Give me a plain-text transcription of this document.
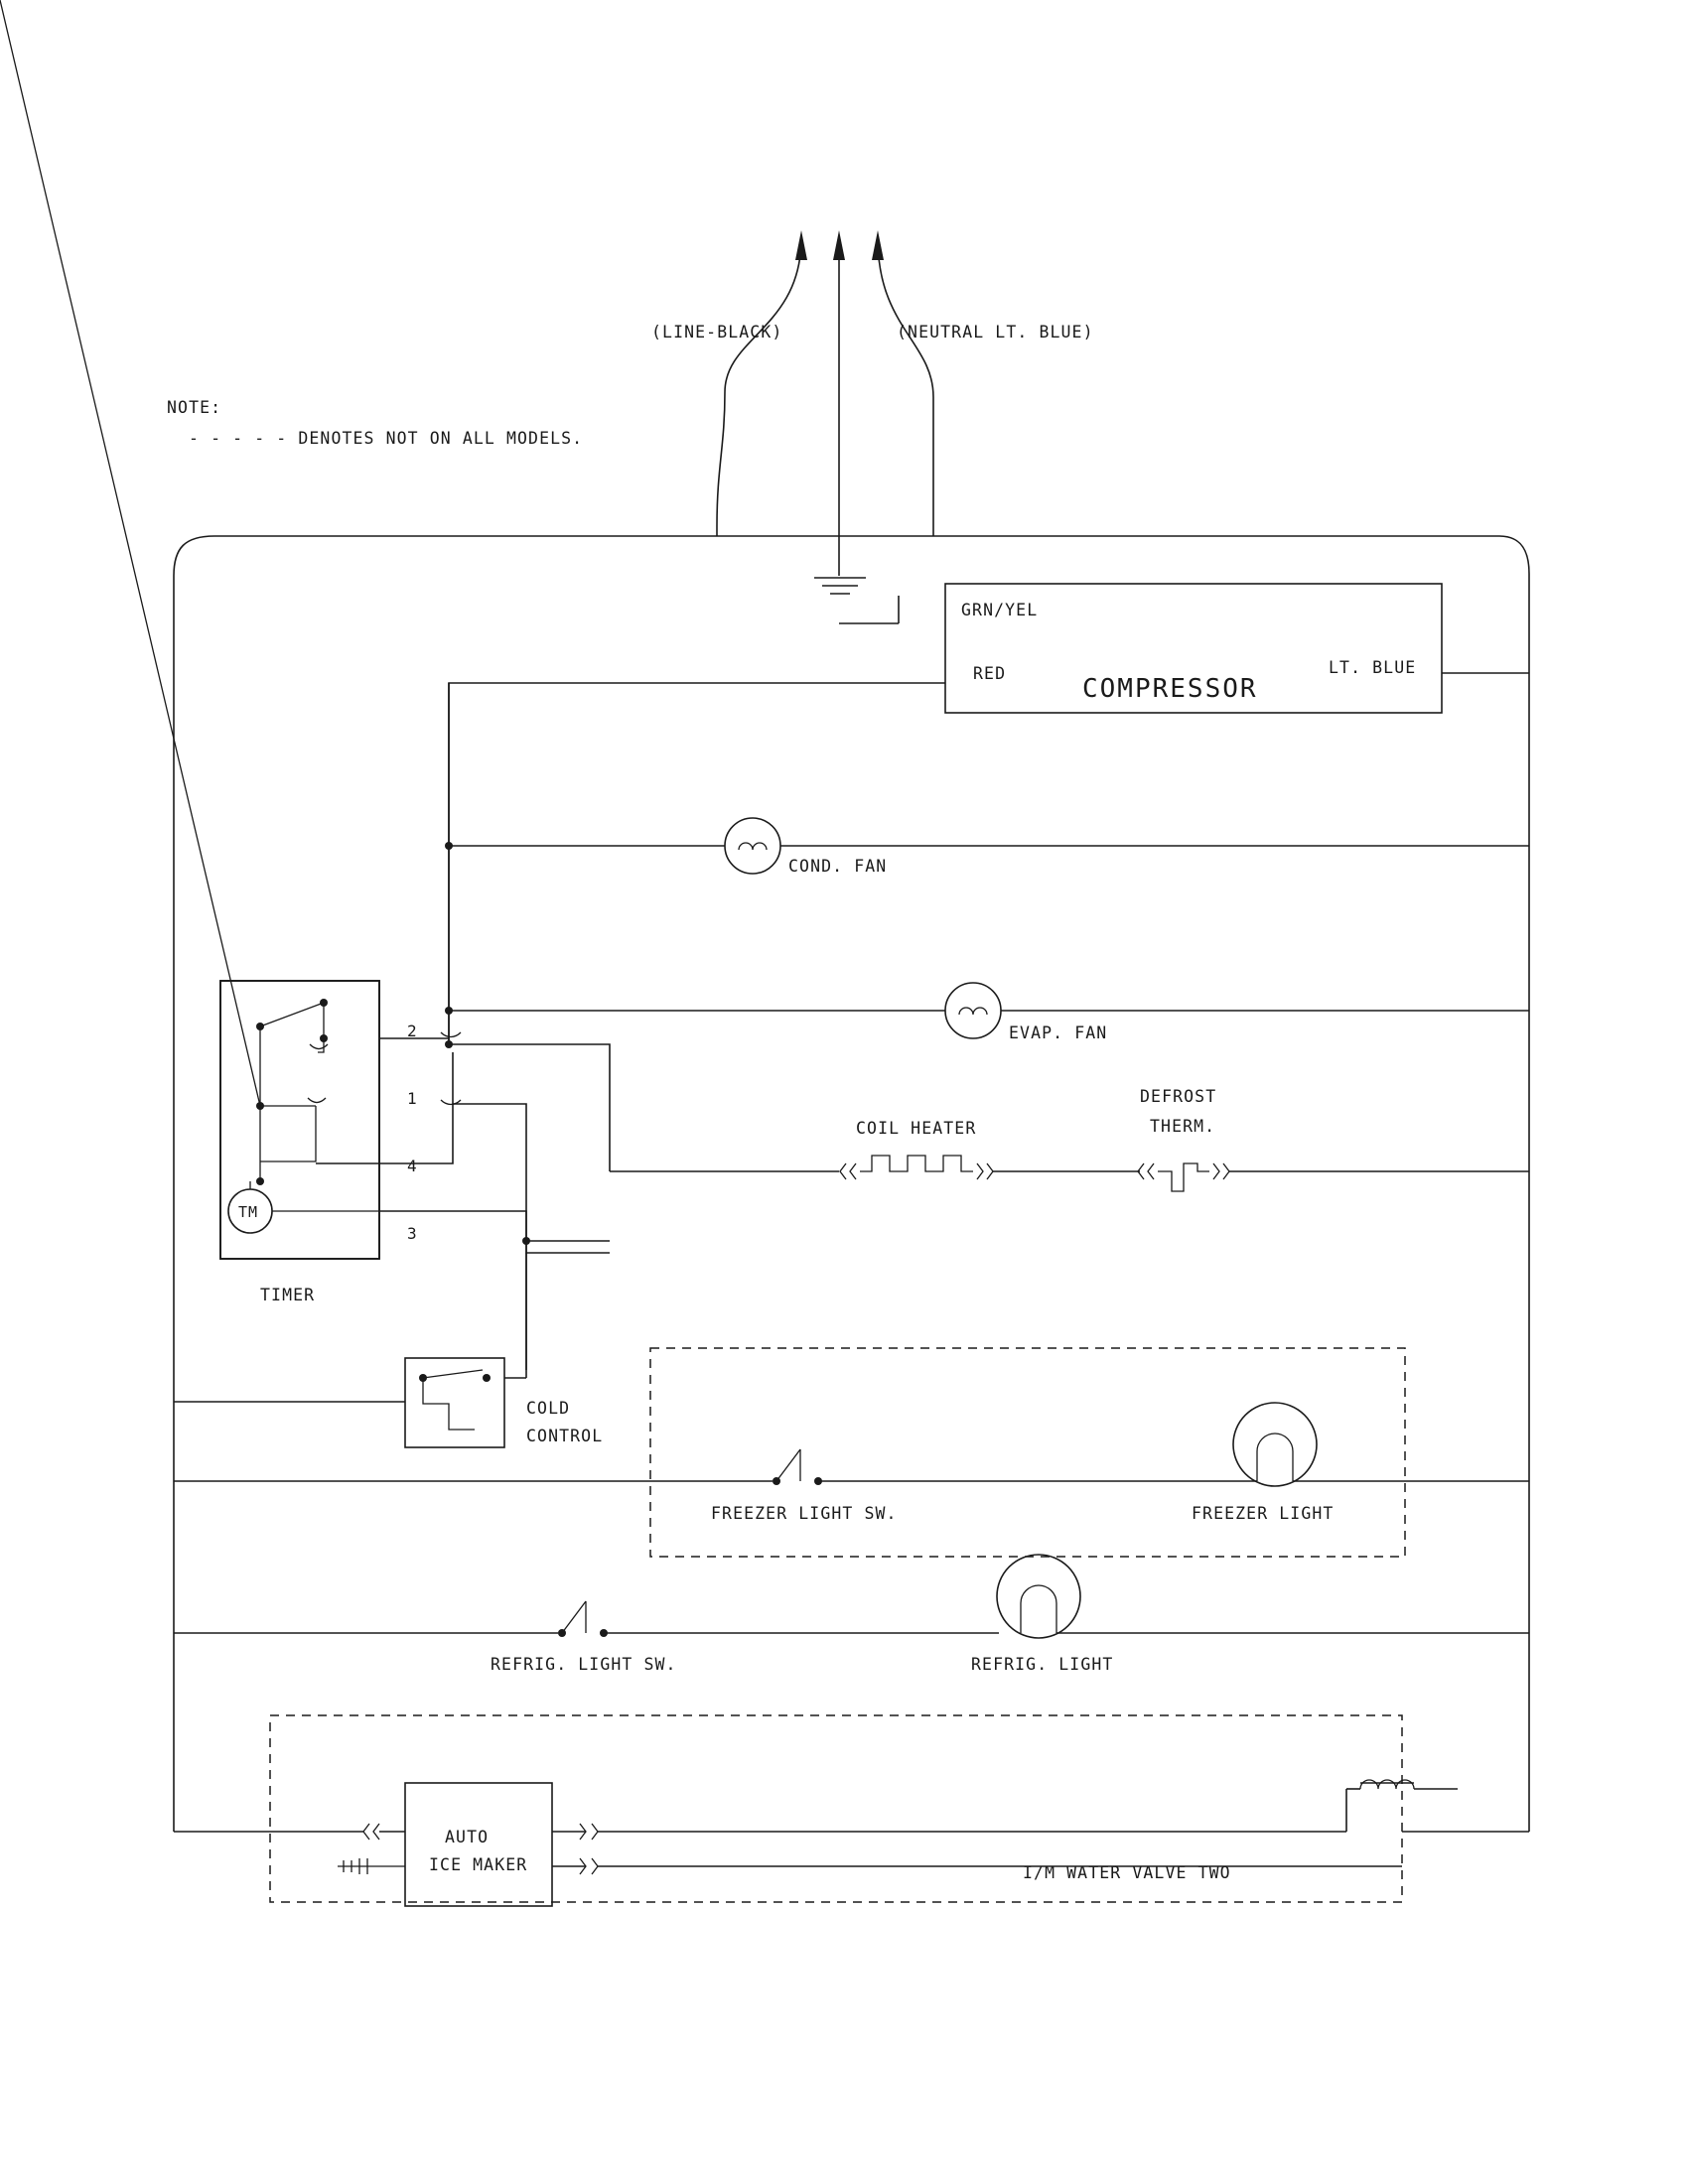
(LINE-BLACK)	(NEUTRAL LT. BLUE)
NOTE:
- - - - - DENOTES NOT ON ALL MODELS.
GRN/YEL
RED	LT. BLUE
COMPRESSOR
COND. FAN
EVAP. FAN
TM
TIMER
2
1
4
3
COIL HEATER
DEFROST
THERM.
COLD
CONTROL
FREEZER LIGHT SW.	FREEZER LIGHT
REFRIG. LIGHT SW.	REFRIG. LIGHT
AUTO
ICE MAKER	I/M WATER VALVE TWO
